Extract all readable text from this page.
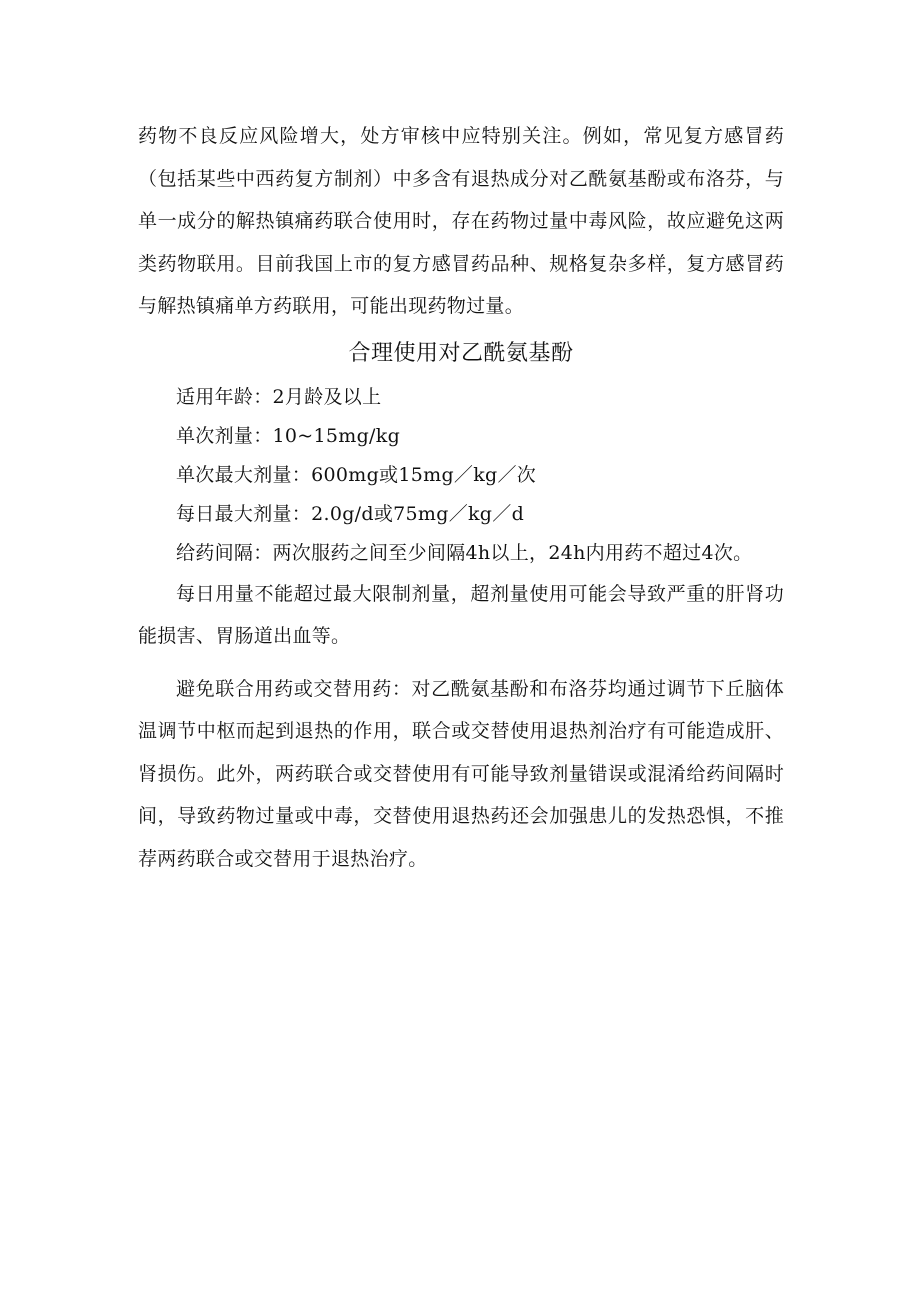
药物不良反应风险增大，处方审核中应特别关注。例如，常见复方感冒药（包括某些中西药复方制剂）中多含有退热成分对乙酰氨基酚或布洛芬，与单一成分的解热镇痛药联合使用时，存在药物过量中毒风险，故应避免这两类药物联用。目前我国上市的复方感冒药品种、规格复杂多样，复方感冒药与解热镇痛单方药联用，可能出现药物过量。

合理使用对乙酰氨基酚

适用年龄：2月龄及以上

单次剂量：10~15mg/kg

单次最大剂量：600mg或15mg／kg／次

每日最大剂量：2.0g/d或75mg／kg／d

给药间隔：两次服药之间至少间隔4h以上，24h内用药不超过4次。

每日用量不能超过最大限制剂量，超剂量使用可能会导致严重的肝肾功能损害、胃肠道出血等。

避免联合用药或交替用药：对乙酰氨基酚和布洛芬均通过调节下丘脑体温调节中枢而起到退热的作用，联合或交替使用退热剂治疗有可能造成肝、肾损伤。此外，两药联合或交替使用有可能导致剂量错误或混淆给药间隔时间，导致药物过量或中毒，交替使用退热药还会加强患儿的发热恐惧，不推荐两药联合或交替用于退热治疗。
